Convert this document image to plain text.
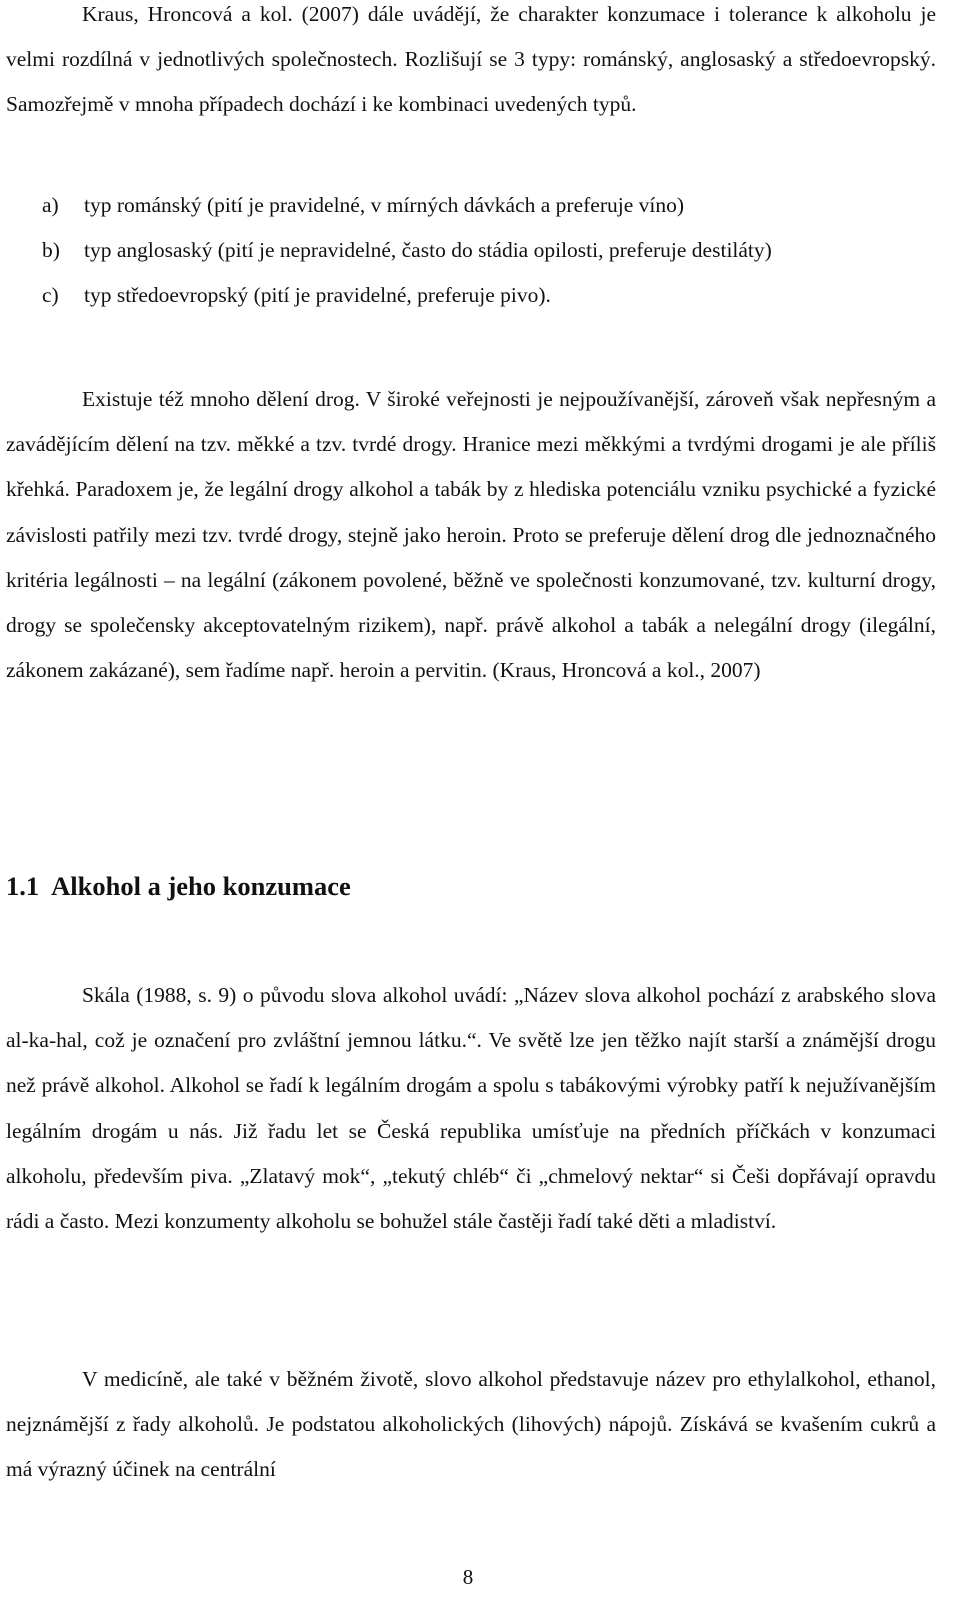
Kraus, Hroncová a kol. (2007) dále uvádějí, že charakter konzumace i tolerance k alkoholu je velmi rozdílná v jednotlivých společnostech. Rozlišují se 3 typy: románský, anglosaský a středoevropský. Samozřejmě v mnoha případech dochází i ke kombinaci uvedených typů.

a) typ románský (pití je pravidelné, v mírných dávkách a preferuje víno)
b) typ anglosaský (pití je nepravidelné, často do stádia opilosti, preferuje destiláty)
c) typ středoevropský (pití je pravidelné, preferuje pivo).

Existuje též mnoho dělení drog. V široké veřejnosti je nejpoužívanější, zároveň však nepřesným a zavádějícím dělení na tzv. měkké a tzv. tvrdé drogy. Hranice mezi měkkými a tvrdými drogami je ale příliš křehká. Paradoxem je, že legální drogy alkohol a tabák by z hlediska potenciálu vzniku psychické a fyzické závislosti patřily mezi tzv. tvrdé drogy, stejně jako heroin. Proto se preferuje dělení drog dle jednoznačného kritéria legálnosti – na legální (zákonem povolené, běžně ve společnosti konzumované, tzv. kulturní drogy, drogy se společensky akceptovatelným rizikem), např. právě alkohol a tabák a nelegální drogy (ilegální, zákonem zakázané), sem řadíme např. heroin a pervitin. (Kraus, Hroncová a kol., 2007)

1.1 Alkohol a jeho konzumace

Skála (1988, s. 9) o původu slova alkohol uvádí: „Název slova alkohol pochází z arabského slova al-ka-hal, což je označení pro zvláštní jemnou látku.“. Ve světě lze jen těžko najít starší a známější drogu než právě alkohol. Alkohol se řadí k legálním drogám a spolu s tabákovými výrobky patří k nejužívanějším legálním drogám u nás. Již řadu let se Česká republika umísťuje na předních příčkách v konzumaci alkoholu, především piva. „Zlatavý mok“, „tekutý chléb“ či „chmelový nektar“ si Češi dopřávají opravdu rádi a často. Mezi konzumenty alkoholu se bohužel stále častěji řadí také děti a mladiství.

V medicíně, ale také v běžném životě, slovo alkohol představuje název pro ethylalkohol, ethanol, nejznámější z řady alkoholů. Je podstatou alkoholických (lihových) nápojů. Získává se kvašením cukrů a má výrazný účinek na centrální

8
